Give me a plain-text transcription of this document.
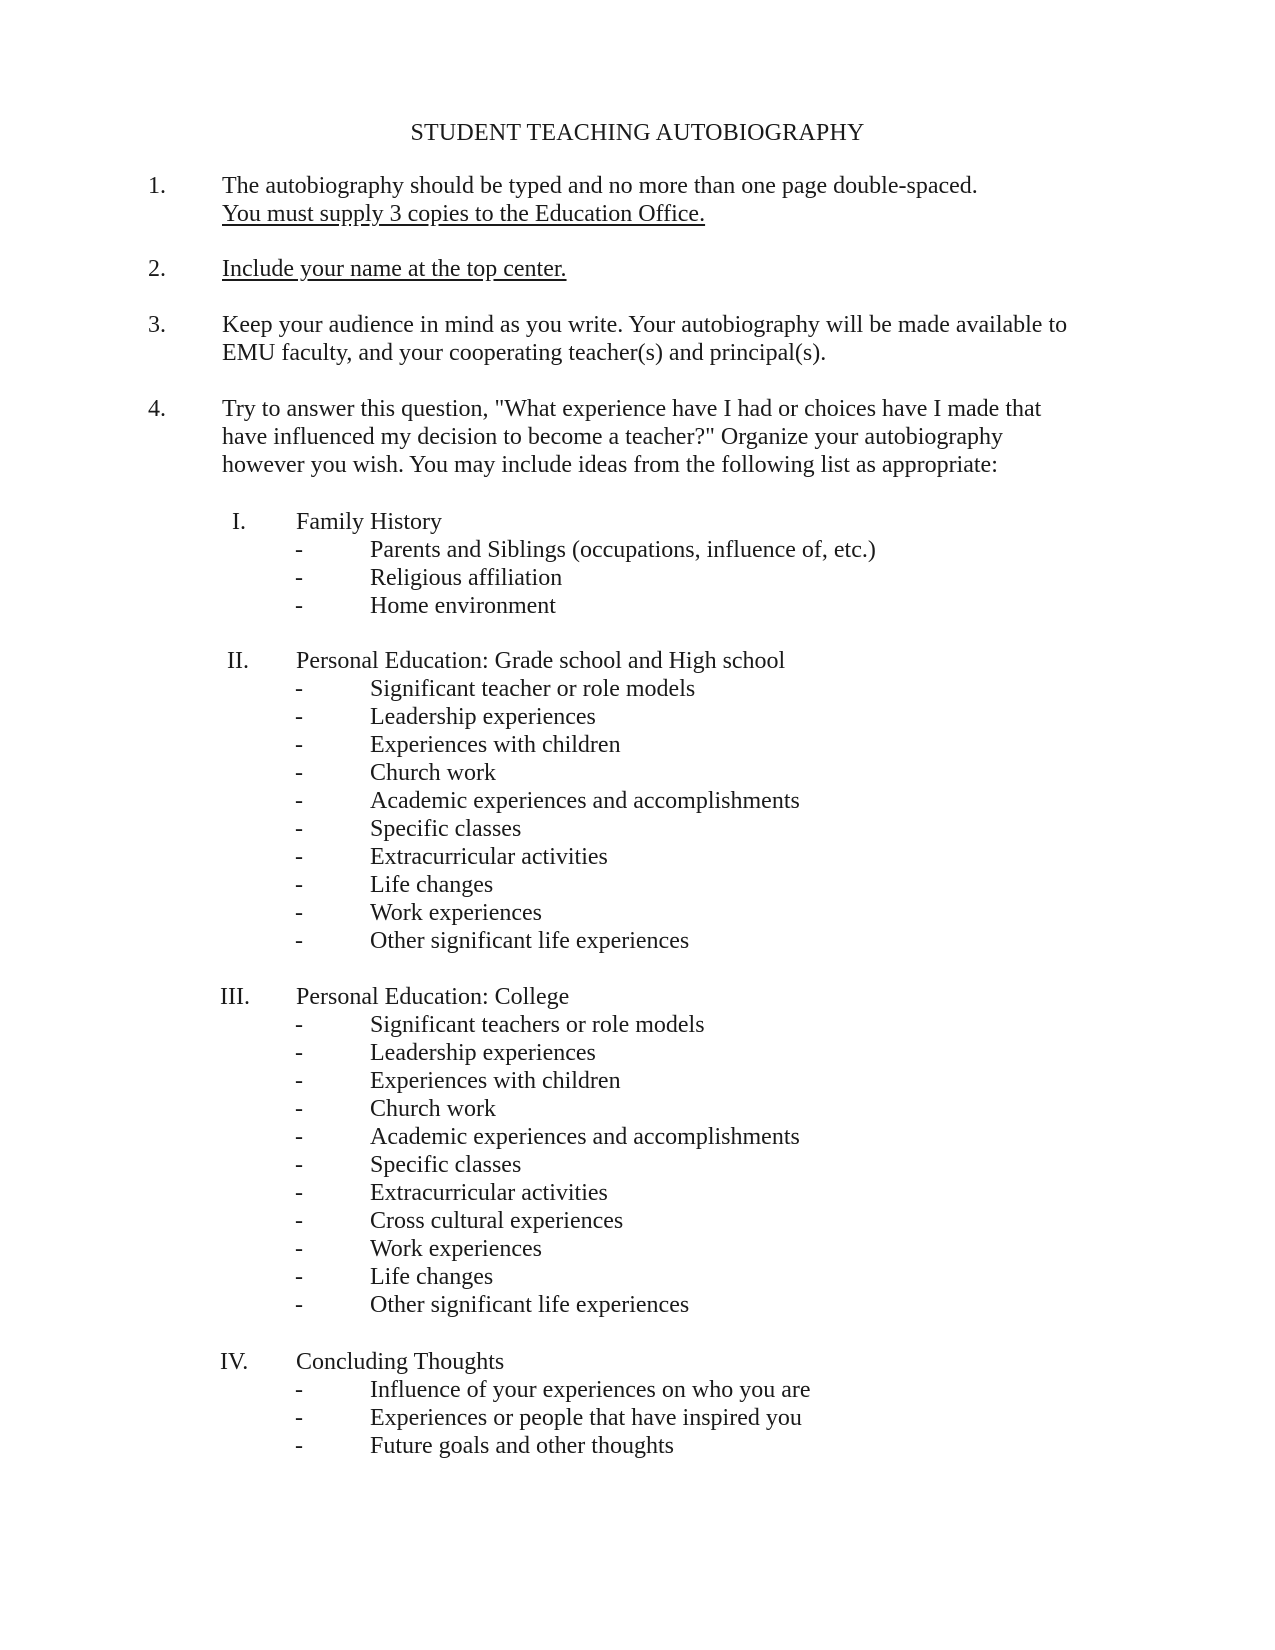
STUDENT TEACHING AUTOBIOGRAPHY
1. The autobiography should be typed and no more than one page double-spaced.
You must supply 3 copies to the Education Office.
2. Include your name at the top center.
3. Keep your audience in mind as you write. Your autobiography will be made available to
EMU faculty, and your cooperating teacher(s) and principal(s).
4. Try to answer this question, "What experience have I had or choices have I made that
have influenced my decision to become a teacher?" Organize your autobiography
however you wish. You may include ideas from the following list as appropriate:
I.	Family History
-	Parents and Siblings (occupations, influence of, etc.)
-	Religious affiliation
-	Home environment
II.	Personal Education: Grade school and High school
-	Significant teacher or role models
-	Leadership experiences
-	Experiences with children
-	Church work
-	Academic experiences and accomplishments
-	Specific classes
-	Extracurricular activities
-	Life changes
-	Work experiences
-	Other significant life experiences
III.	Personal Education: College
-	Significant teachers or role models
-	Leadership experiences
-	Experiences with children
-	Church work
-	Academic experiences and accomplishments
-	Specific classes
-	Extracurricular activities
-	Cross cultural experiences
-	Work experiences
-	Life changes
-	Other significant life experiences
IV.	Concluding Thoughts
-	Influence of your experiences on who you are
-	Experiences or people that have inspired you
-	Future goals and other thoughts
